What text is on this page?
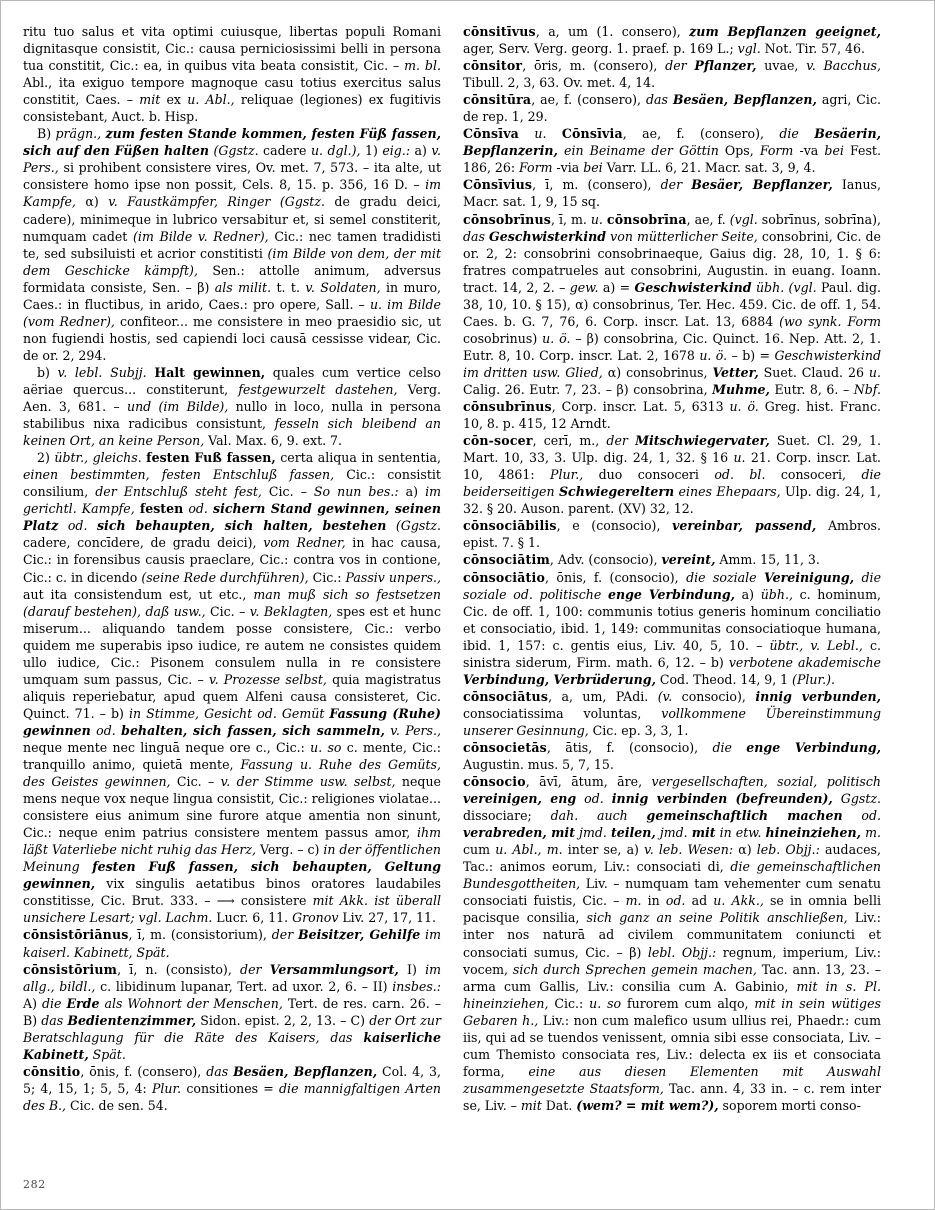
ritu tuo salus et vita optimi cuiusque, libertas populi Romani dignitasque consistit, Cic.: causa perniciosissimi belli in persona tua constitit, Cic.: ea, in quibus vita beata consistit, Cic. – m. bl. Abl., ita exiguo tempore magnoque casu totius exercitus salus constitit, Caes. – mit ex u. Abl., reliquae (legiones) ex fugitivis consistebant, Auct. b. Hisp.

B) prägn., zum festen Stande kommen, festen Füß fassen, sich auf den Füßen halten (Ggstz. cadere u. dgl.), 1) eig.: a) v. Pers., si prohibent consistere vires, Ov. met. 7, 573. – ita alte, ut consistere homo ipse non possit, Cels. 8, 15. p. 356, 16 D. – im Kampfe, α) v. Faustkämpfer, Ringer (Ggstz. de gradu deici, cadere), minimeque in lubrico versabitur et, si semel constiterit, numquam cadet (im Bilde v. Redner), Cic.: nec tamen tradidisti te, sed subsiluisti et acrior constitisti (im Bilde von dem, der mit dem Geschicke kämpft), Sen.: attolle animum, adversus formidata consiste, Sen. – β) als milit. t. t. v. Soldaten, in muro, Caes.: in fluctibus, in arido, Caes.: pro opere, Sall. – u. im Bilde (vom Redner), confiteor... me consistere in meo praesidio sic, ut non fugiendi hostis, sed capiendi loci causā cessisse videar, Cic. de or. 2, 294.

b) v. lebl. Subjj. Halt gewinnen, quales cum vertice celso aëriae quercus... constiterunt, festgewurzelt dastehen, Verg. Aen. 3, 681. – und (im Bilde), nullo in loco, nulla in persona stabilibus nixa radicibus consistunt, fesseln sich bleibend an keinen Ort, an keine Person, Val. Max. 6, 9. ext. 7.

2) übtr., gleichs. festen Fuß fassen, certa aliqua in sententia, einen bestimmten, festen Entschluß fassen, Cic.: consistit consilium, der Entschluß steht fest, Cic. – So nun bes.: a) im gerichtl. Kampfe, festen od. sichern Stand gewinnen, seinen Platz od. sich behaupten, sich halten, bestehen (Ggstz. cadere, concīdere, de gradu deici), vom Redner, in hac causa, Cic.: in forensibus causis praeclare, Cic.: contra vos in contione, Cic.: c. in dicendo (seine Rede durchführen), Cic.: Passiv unpers., aut ita consistendum est, ut etc., man muß sich so festsetzen (darauf bestehen), daß usw., Cic. – v. Beklagten, spes est et hunc miserum... aliquando tandem posse consistere, Cic.: verbo quidem me superabis ipso iudice, re autem ne consistes quidem ullo iudice, Cic.: Pisonem consulem nulla in re consistere umquam sum passus, Cic. – v. Prozesse selbst, quia magistratus aliquis reperiebatur, apud quem Alfeni causa consisteret, Cic. Quinct. 71. – b) in Stimme, Gesicht od. Gemüt Fassung (Ruhe) gewinnen od. behalten, sich fassen, sich sammeln, v. Pers., neque mente nec linguā neque ore c., Cic.: u. so c. mente, Cic.: tranquillo animo, quietā mente, Fassung u. Ruhe des Gemüts, des Geistes gewinnen, Cic. – v. der Stimme usw. selbst, neque mens neque vox neque lingua consistit, Cic.: religiones violatae... consistere eius animum sine furore atque amentia non sinunt, Cic.: neque enim patrius consistere mentem passus amor, ihm läßt Vaterliebe nicht ruhig das Herz, Verg. – c) in der öffentlichen Meinung festen Fuß fassen, sich behaupten, Geltung gewinnen, vix singulis aetatibus binos oratores laudabiles constitisse, Cic. Brut. 333. – ⟶ consistere mit Akk. ist überall unsichere Lesart; vgl. Lachm. Lucr. 6, 11. Gronov Liv. 27, 17, 11.

cōnsistōriānus, ī, m. (consistorium), der Beisitzer, Gehilfe im kaiserl. Kabinett, Spät.

cōnsistōrium, ī, n. (consisto), der Versammlungsort, I) im allg., bildl., c. libidinum lupanar, Tert. ad uxor. 2, 6. – II) insbes.: A) die Erde als Wohnort der Menschen, Tert. de res. carn. 26. – B) das Bedientenzimmer, Sidon. epist. 2, 2, 13. – C) der Ort zur Beratschlagung für die Räte des Kaisers, das kaiserliche Kabinett, Spät.

cōnsitio, ōnis, f. (consero), das Besäen, Bepflanzen, Col. 4, 3, 5; 4, 15, 1; 5, 5, 4: Plur. consitiones = die mannigfaltigen Arten des B., Cic. de sen. 54.

cōnsitīvus, a, um (1. consero), zum Bepflanzen geeignet, ager, Serv. Verg. georg. 1. praef. p. 169 L.; vgl. Not. Tir. 57, 46.

cōnsitor, ōris, m. (consero), der Pflanzer, uvae, v. Bacchus, Tibull. 2, 3, 63. Ov. met. 4, 14.

cōnsitūra, ae, f. (consero), das Besäen, Bepflanzen, agri, Cic. de rep. 1, 29.

Cōnsīva u. Cōnsīvia, ae, f. (consero), die Besäerin, Bepflanzerin, ein Beiname der Göttin Ops, Form -va bei Fest. 186, 26: Form -via bei Varr. LL. 6, 21. Macr. sat. 3, 9, 4.

Cōnsīvius, ī, m. (consero), der Besäer, Bepflanzer, Ianus, Macr. sat. 1, 9, 15 sq.

cōnsobrīnus, ī, m. u. cōnsobrīna, ae, f. (vgl. sobrīnus, sobrīna), das Geschwisterkind von mütterlicher Seite, consobrini, Cic. de or. 2, 2: consobrini consobrinaeque, Gaius dig. 28, 10, 1. § 6: fratres compatrueles aut consobrini, Augustin. in euang. Ioann. tract. 14, 2, 2. – gew. a) = Geschwisterkind übh. (vgl. Paul. dig. 38, 10, 10. § 15), α) consobrinus, Ter. Hec. 459. Cic. de off. 1, 54. Caes. b. G. 7, 76, 6. Corp. inscr. Lat. 13, 6884 (wo synk. Form cosobrinus) u. ö. – β) consobrina, Cic. Quinct. 16. Nep. Att. 2, 1. Eutr. 8, 10. Corp. inscr. Lat. 2, 1678 u. ö. – b) = Geschwisterkind im dritten usw. Glied, α) consobrinus, Vetter, Suet. Claud. 26 u. Calig. 26. Eutr. 7, 23. – β) consobrina, Muhme, Eutr. 8, 6. – Nbf. cōnsubrīnus, Corp. inscr. Lat. 5, 6313 u. ö. Greg. hist. Franc. 10, 8. p. 415, 12 Arndt.

cōn-socer, cerī, m., der Mitschwiegervater, Suet. Cl. 29, 1. Mart. 10, 33, 3. Ulp. dig. 24, 1, 32. § 16 u. 21. Corp. inscr. Lat. 10, 4861: Plur., duo consoceri od. bl. consoceri, die beiderseitigen Schwiegereltern eines Ehepaars, Ulp. dig. 24, 1, 32. § 20. Auson. parent. (XV) 32, 12.

cōnsociābilis, e (consocio), vereinbar, passend, Ambros. epist. 7. § 1.

cōnsociātim, Adv. (consocio), vereint, Amm. 15, 11, 3.

cōnsociātio, ōnis, f. (consocio), die soziale Vereinigung, die soziale od. politische enge Verbindung, a) übh., c. hominum, Cic. de off. 1, 100: communis totius generis hominum conciliatio et consociatio, ibid. 1, 149: communitas consociatioque humana, ibid. 1, 157: c. gentis eius, Liv. 40, 5, 10. – übtr., v. Lebl., c. sinistra siderum, Firm. math. 6, 12. – b) verbotene akademische Verbindung, Verbrüderung, Cod. Theod. 14, 9, 1 (Plur.).

cōnsociātus, a, um, PAdi. (v. consocio), innig verbunden, consociatissima voluntas, vollkommene Übereinstimmung unserer Gesinnung, Cic. ep. 3, 3, 1.

cōnsocietās, ātis, f. (consocio), die enge Verbindung, Augustin. mus. 5, 7, 15.

cōnsocio, āvī, ātum, āre, vergesellschaften, sozial, politisch vereinigen, eng od. innig verbinden (befreunden), Ggstz. dissociare; dah. auch gemeinschaftlich machen od. verabreden, mit jmd. teilen, jmd. mit in etw. hineinziehen, m. cum u. Abl., m. inter se, a) v. leb. Wesen: α) leb. Objj.: audaces, Tac.: animos eorum, Liv.: consociati di, die gemeinschaftlichen Bundesgottheiten, Liv. – numquam tam vehementer cum senatu consociati fuistis, Cic. – m. in od. ad u. Akk., se in omnia belli pacisque consilia, sich ganz an seine Politik anschließen, Liv.: inter nos naturā ad civilem communitatem coniuncti et consociati sumus, Cic. – β) lebl. Objj.: regnum, imperium, Liv.: vocem, sich durch Sprechen gemein machen, Tac. ann. 13, 23. – arma cum Gallis, Liv.: consilia cum A. Gabinio, mit in s. Pl. hineinziehen, Cic.: u. so furorem cum alqo, mit in sein wütiges Gebaren h., Liv.: non cum malefico usum ullius rei, Phaedr.: cum iis, qui ad se tuendos venissent, omnia sibi esse consociata, Liv. – cum Themisto consociata res, Liv.: delecta ex iis et consociata forma, eine aus diesen Elementen mit Auswahl zusammengesetzte Staatsform, Tac. ann. 4, 33 in. – c. rem inter se, Liv. – mit Dat. (wem? = mit wem?), soporem morti conso-

282
